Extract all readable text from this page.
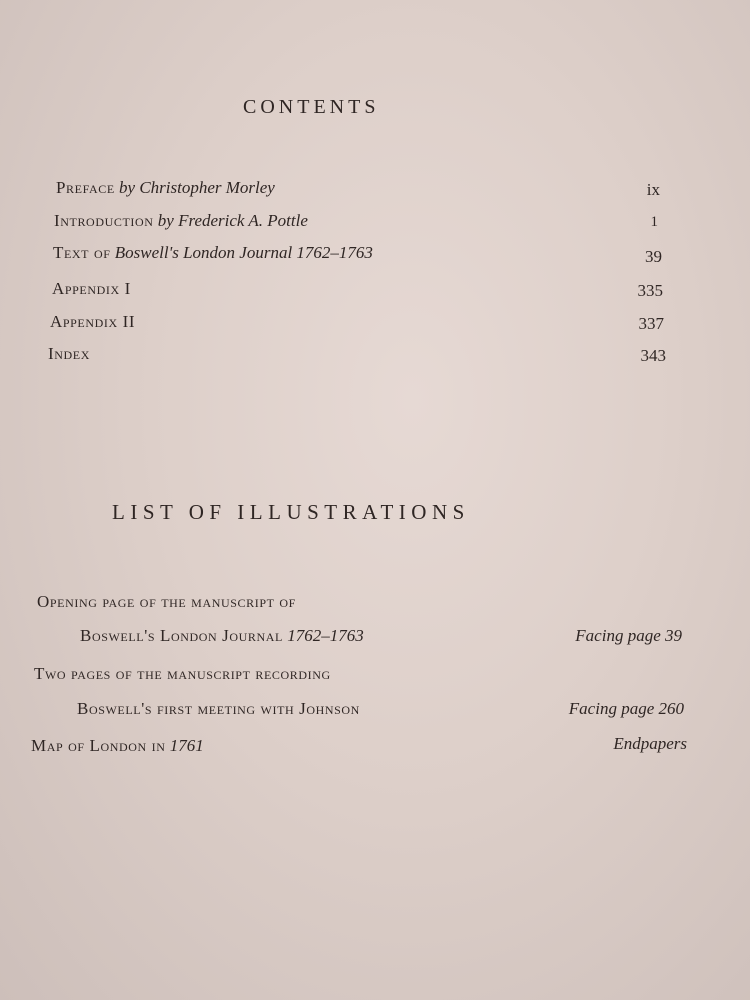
CONTENTS
Preface by Christopher Morley	ix
Introduction by Frederick A. Pottle	1
Text of Boswell's London Journal 1762–1763	39
Appendix I	335
Appendix II	337
Index	343
LIST OF ILLUSTRATIONS
Opening page of the manuscript of
Boswell's London Journal 1762–1763	Facing page 39
Two pages of the manuscript recording
Boswell's first meeting with Johnson	Facing page 260
Map of London in 1761	Endpapers
